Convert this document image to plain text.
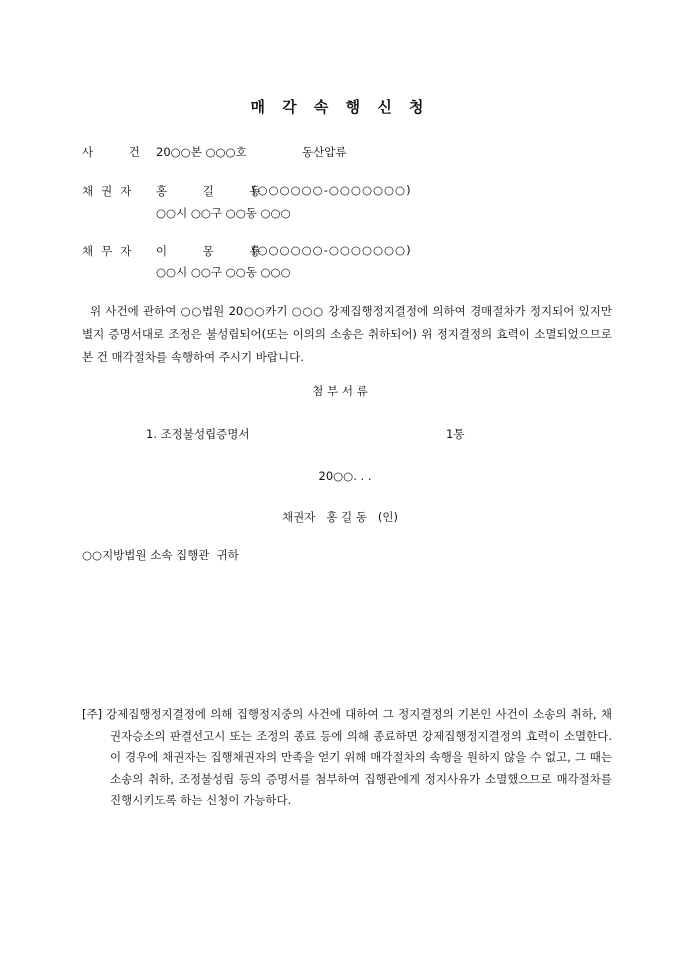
매 각 속 행 신 청
사 건 20○○본 ○○○호	동산압류
채권자 홍 길 동
(○○○○○○-○○○○○○○)
○○시 ○○구 ○○동 ○○○
채무자 이 몽 룡
(○○○○○○-○○○○○○○)
○○시 ○○구 ○○동 ○○○
위 사건에 관하여 ○○법원 20○○카기 ○○○ 강제집행정지결정에 의하여 경매절차가 정지되어 있지만 별지 증명서대로 조정은 불성립되어(또는 이의의 소송은 취하되어) 위 정지결정의 효력이 소멸되었으므로 본 건 매각절차를 속행하여 주시기 바랍니다.
첨 부 서 류
1. 조정불성립증명서	1통
20○○. . .
채권자   홍 길 동   (인)
○○지방법원 소속 집행관  귀하
[주] 강제집행정지결정에 의해 집행정지중의 사건에 대하여 그 정지결정의 기본인 사건이 소송의 취하, 채권자승소의 판결선고시 또는 조정의 종료 등에 의해 종료하면 강제집행정지결정의 효력이 소멸한다. 이 경우에 채권자는 집행채권자의 만족을 얻기 위해 매각절차의 속행을 원하지 않을 수 없고, 그 때는 소송의 취하, 조정불성립 등의 증명서를 첨부하여 집행관에게 정지사유가 소멸했으므로 매각절차를 진행시키도록 하는 신청이 가능하다.
